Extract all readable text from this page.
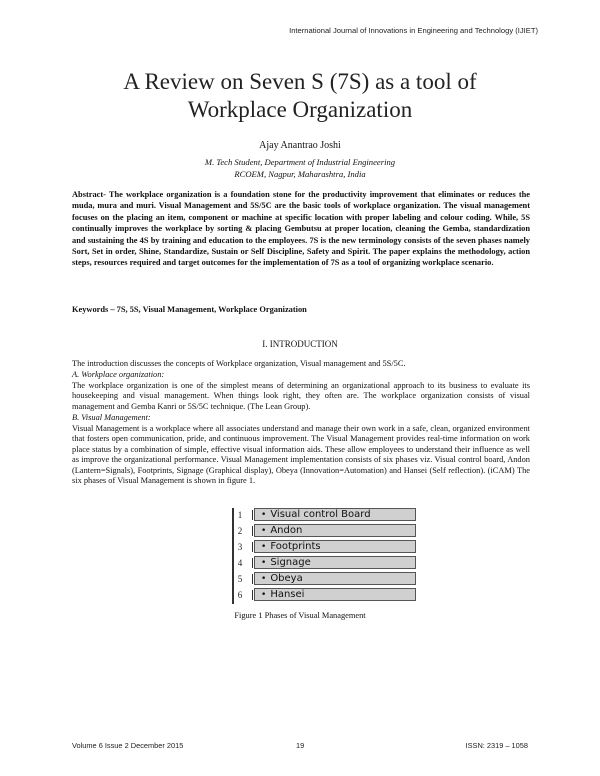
International Journal of Innovations in Engineering and Technology (IJIET)
A Review on Seven S (7S) as a tool of
Workplace Organization
Ajay Anantrao Joshi
M. Tech Student, Department of Industrial Engineering
RCOEM, Nagpur, Maharashtra, India

Abstract- The workplace organization is a foundation stone for the productivity improvement that eliminates or reduces the muda, mura and muri. Visual Management and 5S/5C are the basic tools of workplace organization. The visual management focuses on the placing an item, component or machine at specific location with proper labeling and colour coding. While, 5S continually improves the workplace by sorting & placing Gembutsu at proper location, cleaning the Gemba, standardization and sustaining the 4S by training and education to the employees. 7S is the new terminology consists of the seven phases namely Sort, Set in order, Shine, Standardize, Sustain or Self Discipline, Safety and Spirit. The paper explains the methodology, action steps, resources required and target outcomes for the implementation of 7S as a tool of organizing workplace scenario.

Keywords – 7S, 5S, Visual Management, Workplace Organization
I. INTRODUCTION

The introduction discusses the concepts of Workplace organization, Visual management and 5S/5C.

A. Workplace organization:

The workplace organization is one of the simplest means of determining an organizational approach to its business to evaluate its housekeeping and visual management. When things look right, they often are. The workplace organization consists of visual management and Gemba Kanri or 5S/5C technique. (The Lean Group).

B. Visual Management:

Visual Management is a workplace where all associates understand and manage their own work in a safe, clean, organized environment that fosters open communication, pride, and continuous improvement. The Visual Management provides real-time information on work place status by a combination of simple, effective visual information aids. These allow employees to understand their influence as well as improve the organizational performance. Visual Management implementation consists of six phases viz. Visual control board, Andon (Lantern=Signals), Footprints, Signage (Graphical display), Obeya (Innovation=Automation) and Hansei (Self reflection). (iCAM) The six phases of Visual Management is shown in figure 1.

1	• Visual control Board
2	• Andon
3	• Footprints
4	• Signage
5	• Obeya
6	• Hansei
Figure 1 Phases of Visual Management
Volume 6 Issue 2 December 2015	19	ISSN: 2319 – 1058
